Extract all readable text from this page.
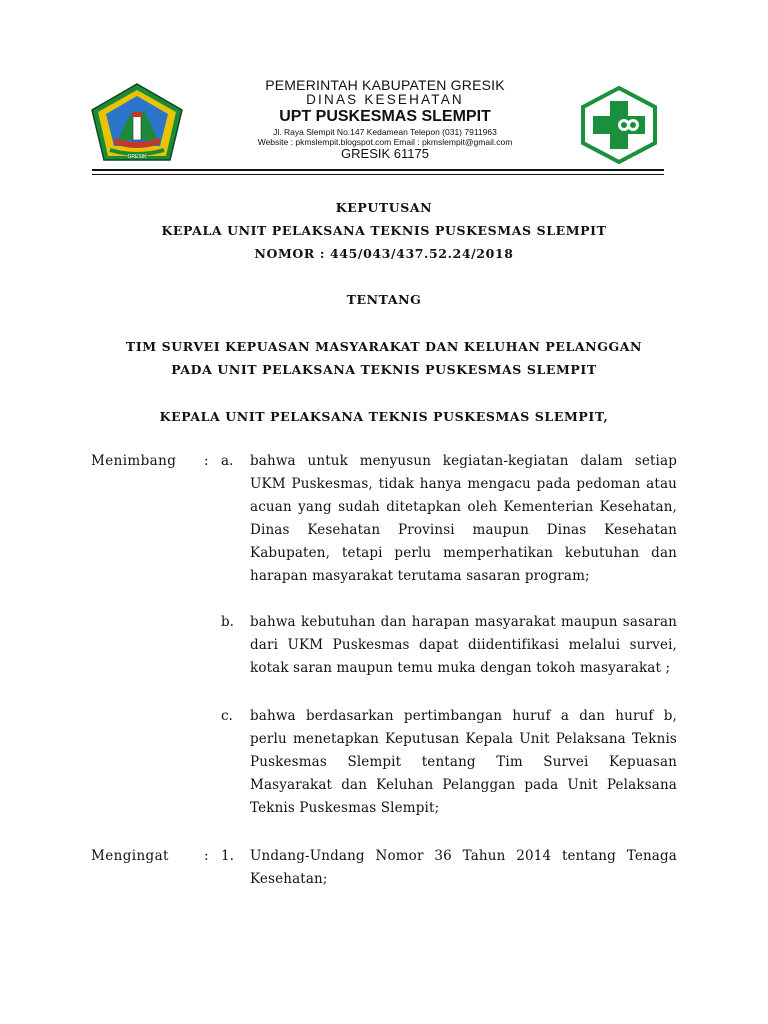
GRESIK
PEMERINTAH KABUPATEN GRESIK
DINAS KESEHATAN
UPT PUSKESMAS SLEMPIT
Jl. Raya Slempit No.147 Kedamean Telepon (031) 7911963
Website : pkmslempit.blogspot.com Email : pkmslempit@gmail.com
GRESIK 61175
KEPUTUSAN
KEPALA UNIT PELAKSANA TEKNIS PUSKESMAS SLEMPIT
NOMOR : 445/043/437.52.24/2018
TENTANG
TIM SURVEI KEPUASAN MASYARAKAT DAN KELUHAN PELANGGAN
PADA UNIT PELAKSANA TEKNIS PUSKESMAS SLEMPIT
KEPALA UNIT PELAKSANA TEKNIS PUSKESMAS SLEMPIT,
Menimbang : a. bahwa untuk menyusun kegiatan-kegiatan dalam setiap UKM Puskesmas, tidak hanya mengacu pada pedoman atau acuan yang sudah ditetapkan oleh Kementerian Kesehatan, Dinas Kesehatan Provinsi maupun Dinas Kesehatan Kabupaten, tetapi perlu memperhatikan kebutuhan dan harapan masyarakat terutama sasaran program;
b. bahwa kebutuhan dan harapan masyarakat maupun sasaran dari UKM Puskesmas dapat diidentifikasi melalui survei, kotak saran maupun temu muka dengan tokoh masyarakat ;
c. bahwa berdasarkan pertimbangan huruf a dan huruf b, perlu menetapkan Keputusan Kepala Unit Pelaksana Teknis Puskesmas Slempit tentang Tim Survei Kepuasan Masyarakat dan Keluhan Pelanggan pada Unit Pelaksana Teknis Puskesmas Slempit;
Mengingat	: 1. Undang-Undang Nomor 36 Tahun 2014 tentang Tenaga Kesehatan;
